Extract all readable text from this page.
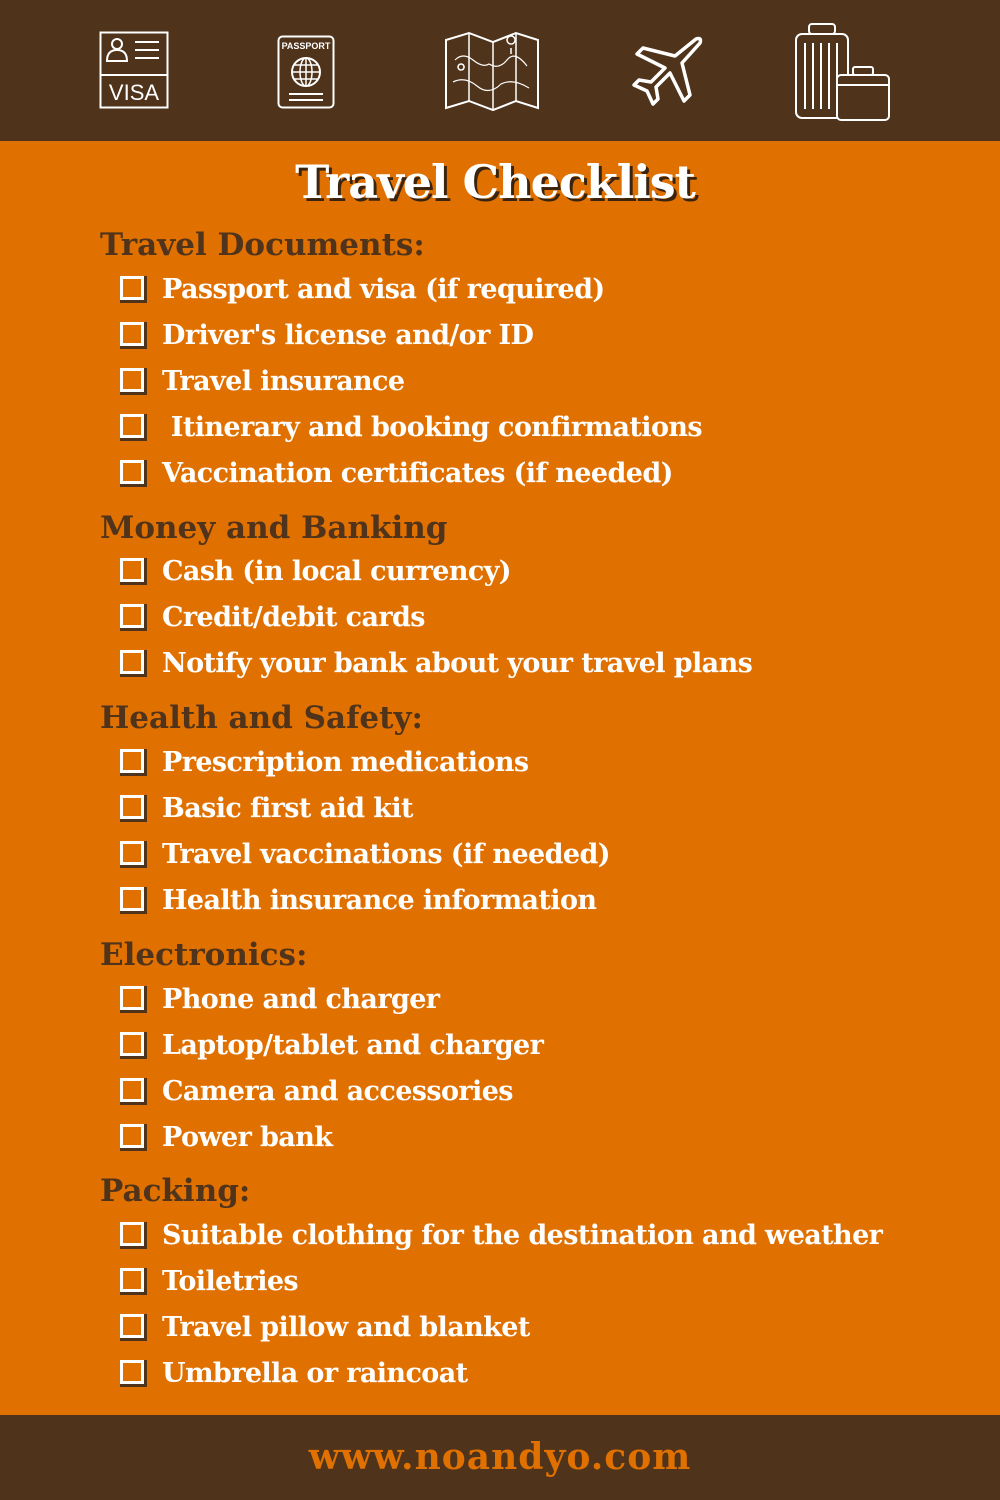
VISA
PASSPORT
Travel Checklist
Travel Documents:
Passport and visa (if required)
Driver's license and/or ID
Travel insurance
Itinerary and booking confirmations
Vaccination certificates (if needed)
Money and Banking
Cash (in local currency)
Credit/debit cards
Notify your bank about your travel plans
Health and Safety:
Prescription medications
Basic first aid kit
Travel vaccinations (if needed)
Health insurance information
Electronics:
Phone and charger
Laptop/tablet and charger
Camera and accessories
Power bank
Packing:
Suitable clothing for the destination and weather
Toiletries
Travel pillow and blanket
Umbrella or raincoat
www.noandyo.com
